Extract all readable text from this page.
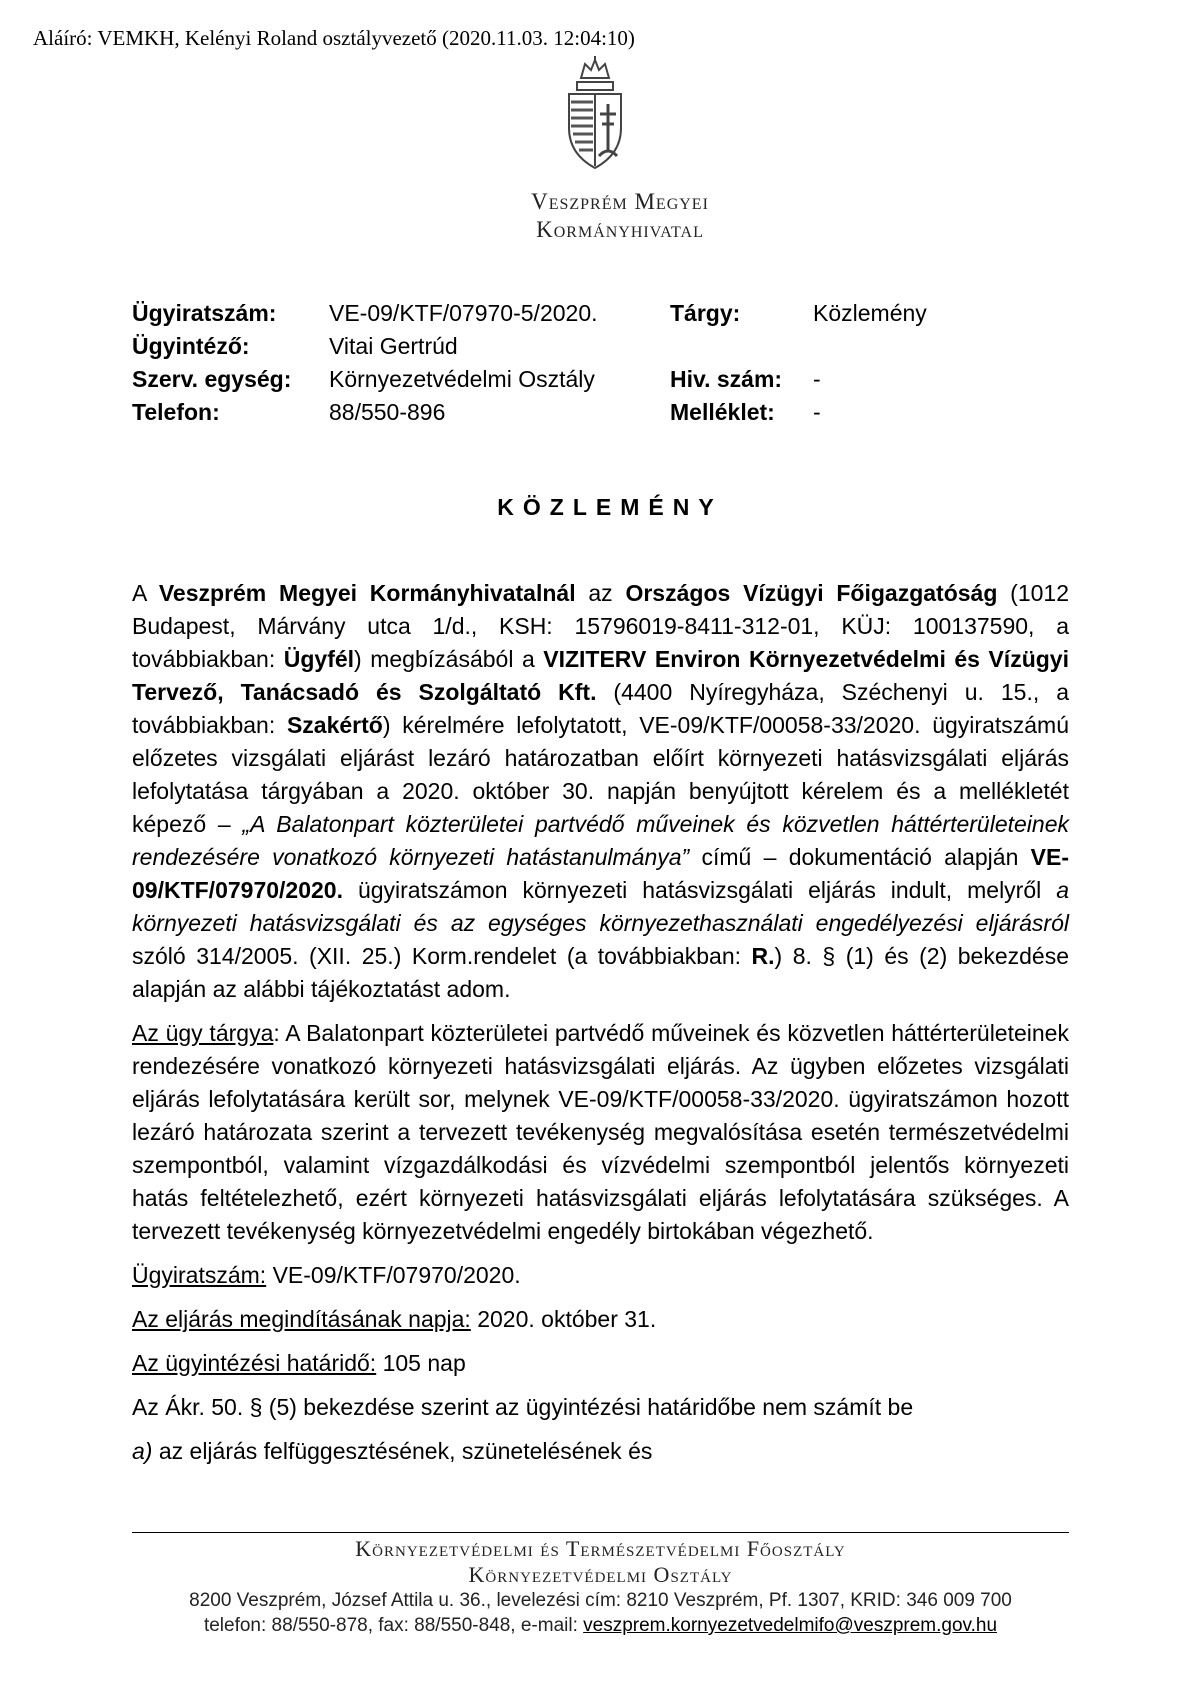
Aláíró: VEMKH, Kelényi Roland osztályvezető (2020.11.03. 12:04:10)
Veszprém Megyei
Kormányhivatal
Ügyiratszám: VE-09/KTF/07970-5/2020.	Tárgy:	Közlemény
Ügyintéző:	Vitai Gertrúd
Szerv. egység: Környezetvédelmi Osztály	Hiv. szám: -
Telefon:	88/550-896	Melléklet: -
KÖZLEMÉNY

A Veszprém Megyei Kormányhivatalnál az Országos Vízügyi Főigazgatóság (1012 Budapest, Márvány utca 1/d., KSH: 15796019-8411-312-01, KÜJ: 100137590, a továbbiakban: Ügyfél) megbízásából a VIZITERV Environ Környezetvédelmi és Vízügyi Tervező, Tanácsadó és Szolgáltató Kft. (4400 Nyíregyháza, Széchenyi u. 15., a továbbiakban: Szakértő) kérelmére lefolytatott, VE-09/KTF/00058-33/2020. ügyiratszámú előzetes vizsgálati eljárást lezáró határozatban előírt környezeti hatásvizsgálati eljárás lefolytatása tárgyában a 2020. október 30. napján benyújtott kérelem és a mellékletét képező – „A Balatonpart közterületei partvédő műveinek és közvetlen háttérterületeinek rendezésére vonatkozó környezeti hatástanulmánya” című – dokumentáció alapján VE-09/KTF/07970/2020. ügyiratszámon környezeti hatásvizsgálati eljárás indult, melyről a környezeti hatásvizsgálati és az egységes környezethasználati engedélyezési eljárásról szóló 314/2005. (XII. 25.) Korm.rendelet (a továbbiakban: R.) 8. § (1) és (2) bekezdése alapján az alábbi tájékoztatást adom.

Az ügy tárgya: A Balatonpart közterületei partvédő műveinek és közvetlen háttérterületeinek rendezésére vonatkozó környezeti hatásvizsgálati eljárás. Az ügyben előzetes vizsgálati eljárás lefolytatására került sor, melynek VE-09/KTF/00058-33/2020. ügyiratszámon hozott lezáró határozata szerint a tervezett tevékenység megvalósítása esetén természetvédelmi szempontból, valamint vízgazdálkodási és vízvédelmi szempontból jelentős környezeti hatás feltételezhető, ezért környezeti hatásvizsgálati eljárás lefolytatására szükséges. A tervezett tevékenység környezetvédelmi engedély birtokában végezhető.

Ügyiratszám: VE-09/KTF/07970/2020.

Az eljárás megindításának napja: 2020. október 31.

Az ügyintézési határidő: 105 nap

Az Ákr. 50. § (5) bekezdése szerint az ügyintézési határidőbe nem számít be

a) az eljárás felfüggesztésének, szünetelésének és

Környezetvédelmi és Természetvédelmi Főosztály
Környezetvédelmi Osztály
8200 Veszprém, József Attila u. 36., levelezési cím: 8210 Veszprém, Pf. 1307, KRID: 346 009 700
telefon: 88/550-878, fax: 88/550-848, e-mail: veszprem.kornyezetvedelmifo@veszprem.gov.hu
